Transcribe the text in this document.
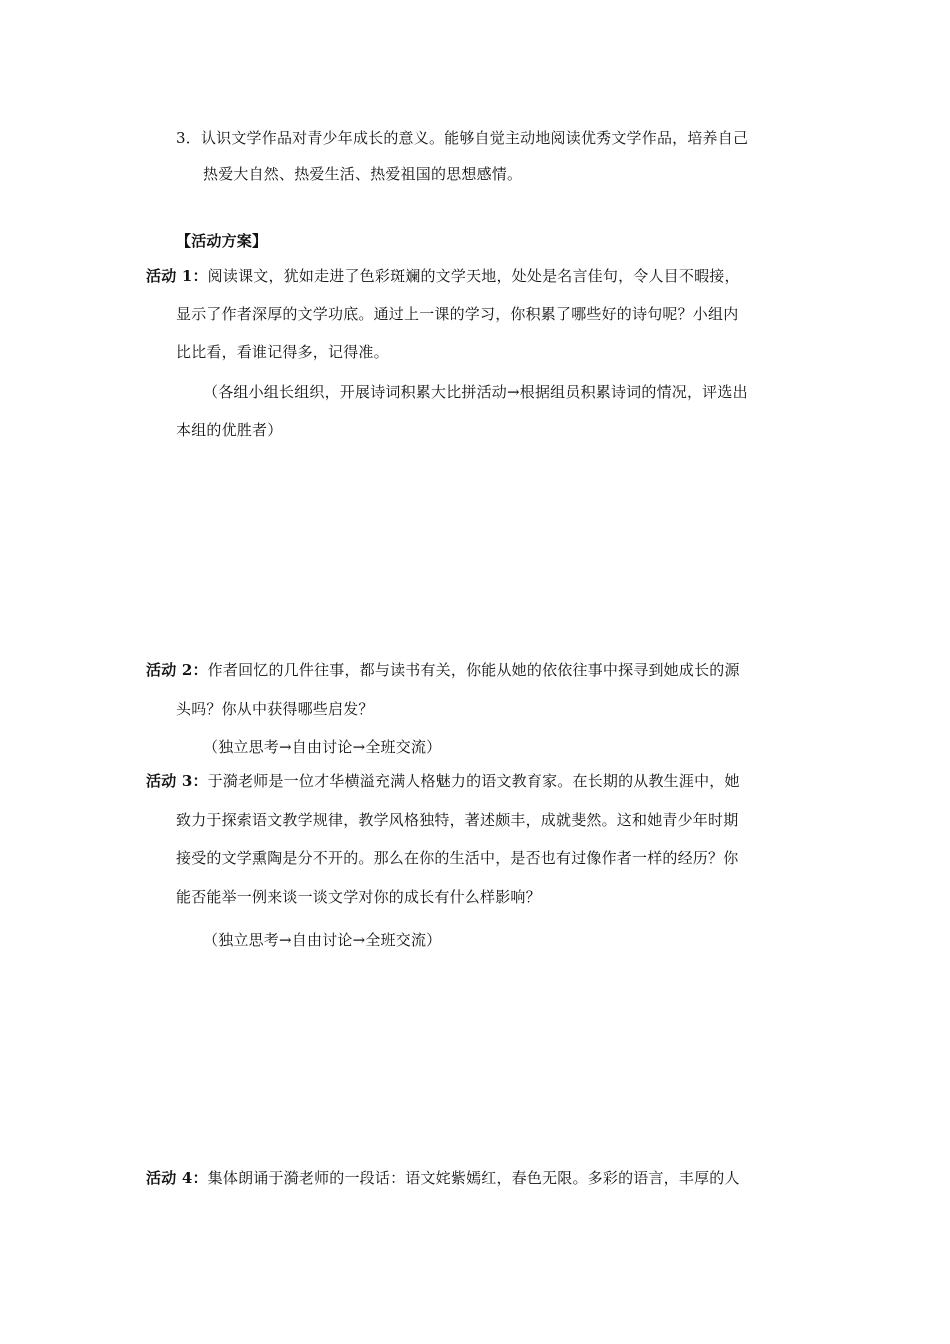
3．认识文学作品对青少年成长的意义。能够自觉主动地阅读优秀文学作品，培养自己
热爱大自然、热爱生活、热爱祖国的思想感情。
【活动方案】
活动 1：阅读课文，犹如走进了色彩斑斓的文学天地，处处是名言佳句，令人目不暇接，
显示了作者深厚的文学功底。通过上一课的学习，你积累了哪些好的诗句呢？小组内
比比看，看谁记得多，记得准。
（各组小组长组织，开展诗词积累大比拼活动→根据组员积累诗词的情况，评选出
本组的优胜者）
活动 2：作者回忆的几件往事，都与读书有关，你能从她的依依往事中探寻到她成长的源
头吗？你从中获得哪些启发？
（独立思考→自由讨论→全班交流）
活动 3：于漪老师是一位才华横溢充满人格魅力的语文教育家。在长期的从教生涯中，她
致力于探索语文教学规律，教学风格独特，著述颇丰，成就斐然。这和她青少年时期
接受的文学熏陶是分不开的。那么在你的生活中，是否也有过像作者一样的经历？你
能否能举一例来谈一谈文学对你的成长有什么样影响？
（独立思考→自由讨论→全班交流）
活动 4：集体朗诵于漪老师的一段话：语文姹紫嫣红，春色无限。多彩的语言，丰厚的人
